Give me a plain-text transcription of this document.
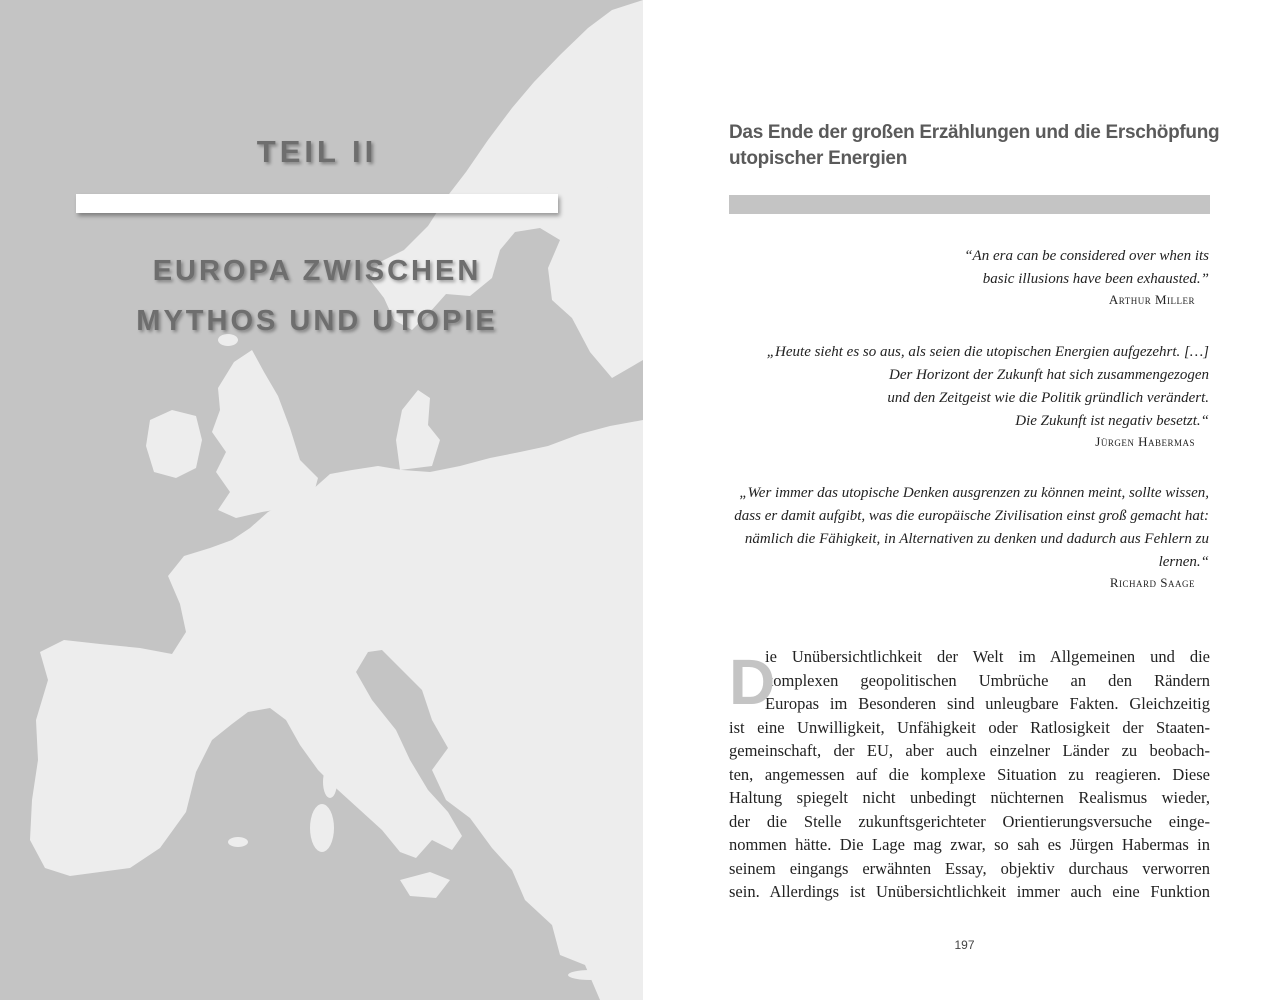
TEIL II
EUROPA ZWISCHEN
MYTHOS UND UTOPIE
Das Ende der großen Erzählungen und die Erschöpfung
utopischer Energien
“An era can be considered over when its
basic illusions have been exhausted.”
Arthur Miller
„Heute sieht es so aus, als seien die utopischen Energien aufgezehrt. […]
Der Horizont der Zukunft hat sich zusammengezogen
und den Zeitgeist wie die Politik gründlich verändert.
Die Zukunft ist negativ besetzt.“
Jürgen Habermas
„Wer immer das utopische Denken ausgrenzen zu können meint, sollte wissen,
dass er damit aufgibt, was die europäische Zivilisation einst groß gemacht hat:
nämlich die Fähigkeit, in Alternativen zu denken und dadurch aus Fehlern zu
lernen.“
Richard Saage
D
ie Unübersichtlichkeit der Welt im Allgemeinen und die
komplexen geopolitischen Umbrüche an den Rändern
Europas im Besonderen sind unleugbare Fakten. Gleichzeitig
ist eine Unwilligkeit, Unfähigkeit oder Ratlosigkeit der Staaten-
gemeinschaft, der EU, aber auch einzelner Länder zu beobach-
ten, angemessen auf die komplexe Situation zu reagieren. Diese
Haltung spiegelt nicht unbedingt nüchternen Realismus wieder,
der die Stelle zukunftsgerichteter Orientierungsversuche einge-
nommen hätte. Die Lage mag zwar, so sah es Jürgen Habermas in
seinem eingangs erwähnten Essay, objektiv durchaus verworren
sein. Allerdings ist Unübersichtlichkeit immer auch eine Funktion
197
